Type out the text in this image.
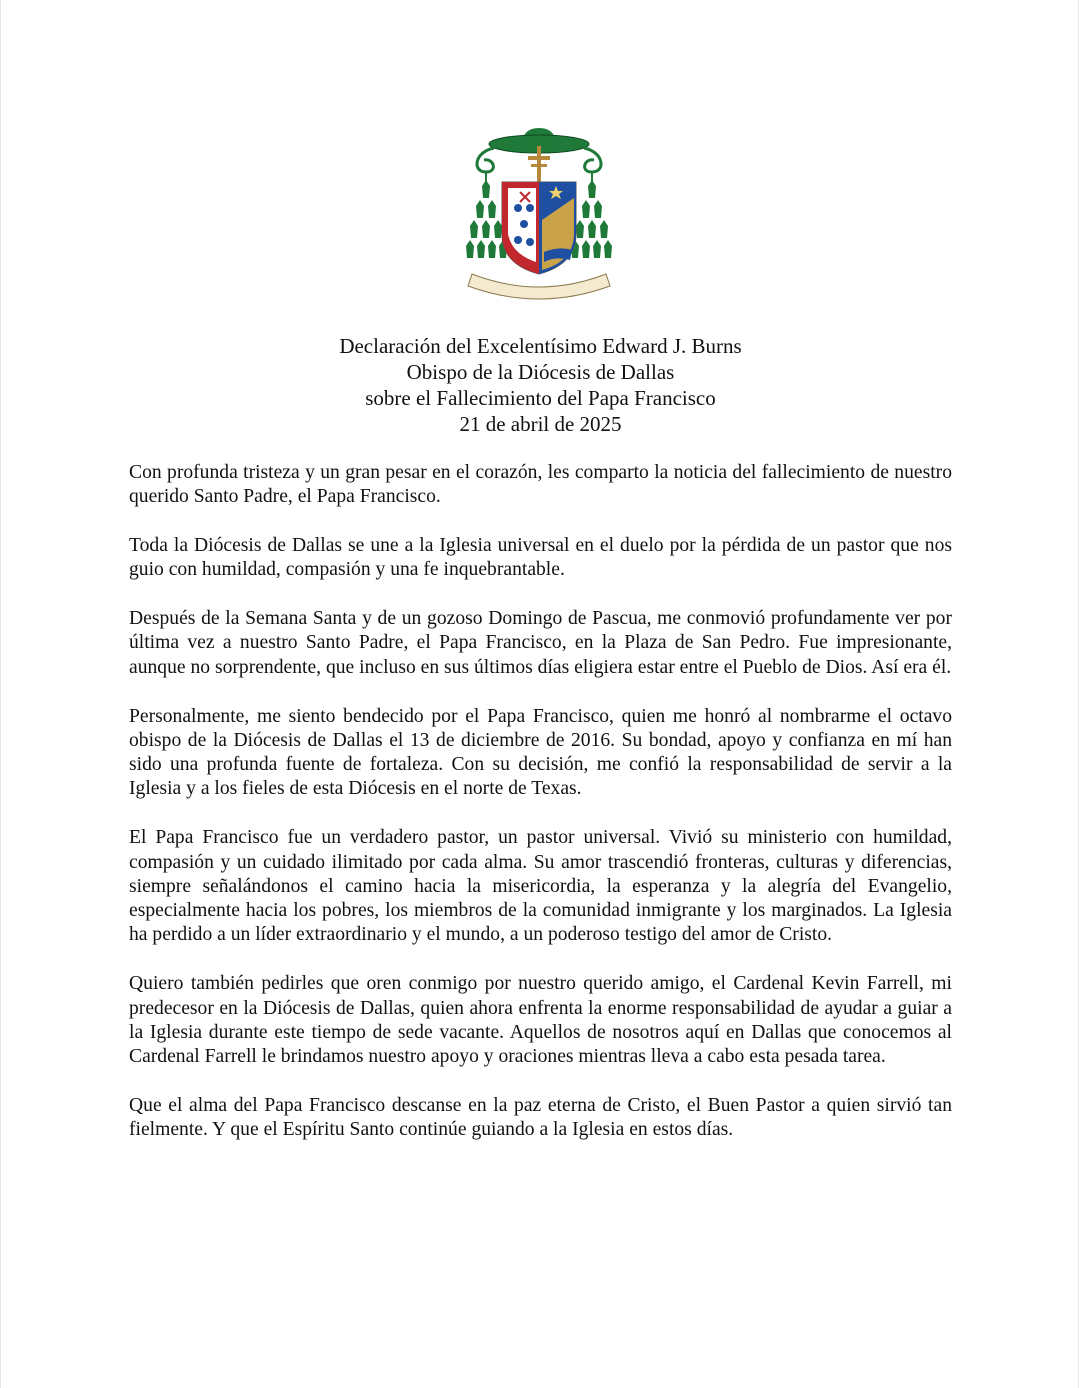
Declaración del Excelentísimo Edward J. Burns
Obispo de la Diócesis de Dallas
sobre el Fallecimiento del Papa Francisco
21 de abril de 2025

Con profunda tristeza y un gran pesar en el corazón, les comparto la noticia del fallecimiento de nuestro querido Santo Padre, el Papa Francisco.

Toda la Diócesis de Dallas se une a la Iglesia universal en el duelo por la pérdida de un pastor que nos guio con humildad, compasión y una fe inquebrantable.

Después de la Semana Santa y de un gozoso Domingo de Pascua, me conmovió profundamente ver por última vez a nuestro Santo Padre, el Papa Francisco, en la Plaza de San Pedro. Fue impresionante, aunque no sorprendente, que incluso en sus últimos días eligiera estar entre el Pueblo de Dios. Así era él.

Personalmente, me siento bendecido por el Papa Francisco, quien me honró al nombrarme el octavo obispo de la Diócesis de Dallas el 13 de diciembre de 2016. Su bondad, apoyo y confianza en mí han sido una profunda fuente de fortaleza. Con su decisión, me confió la responsabilidad de servir a la Iglesia y a los fieles de esta Diócesis en el norte de Texas.

El Papa Francisco fue un verdadero pastor, un pastor universal. Vivió su ministerio con humildad, compasión y un cuidado ilimitado por cada alma. Su amor trascendió fronteras, culturas y diferencias, siempre señalándonos el camino hacia la misericordia, la esperanza y la alegría del Evangelio, especialmente hacia los pobres, los miembros de la comunidad inmigrante y los marginados. La Iglesia ha perdido a un líder extraordinario y el mundo, a un poderoso testigo del amor de Cristo.

Quiero también pedirles que oren conmigo por nuestro querido amigo, el Cardenal Kevin Farrell, mi predecesor en la Diócesis de Dallas, quien ahora enfrenta la enorme responsabilidad de ayudar a guiar a la Iglesia durante este tiempo de sede vacante. Aquellos de nosotros aquí en Dallas que conocemos al Cardenal Farrell le brindamos nuestro apoyo y oraciones mientras lleva a cabo esta pesada tarea.

Que el alma del Papa Francisco descanse en la paz eterna de Cristo, el Buen Pastor a quien sirvió tan fielmente. Y que el Espíritu Santo continúe guiando a la Iglesia en estos días.
